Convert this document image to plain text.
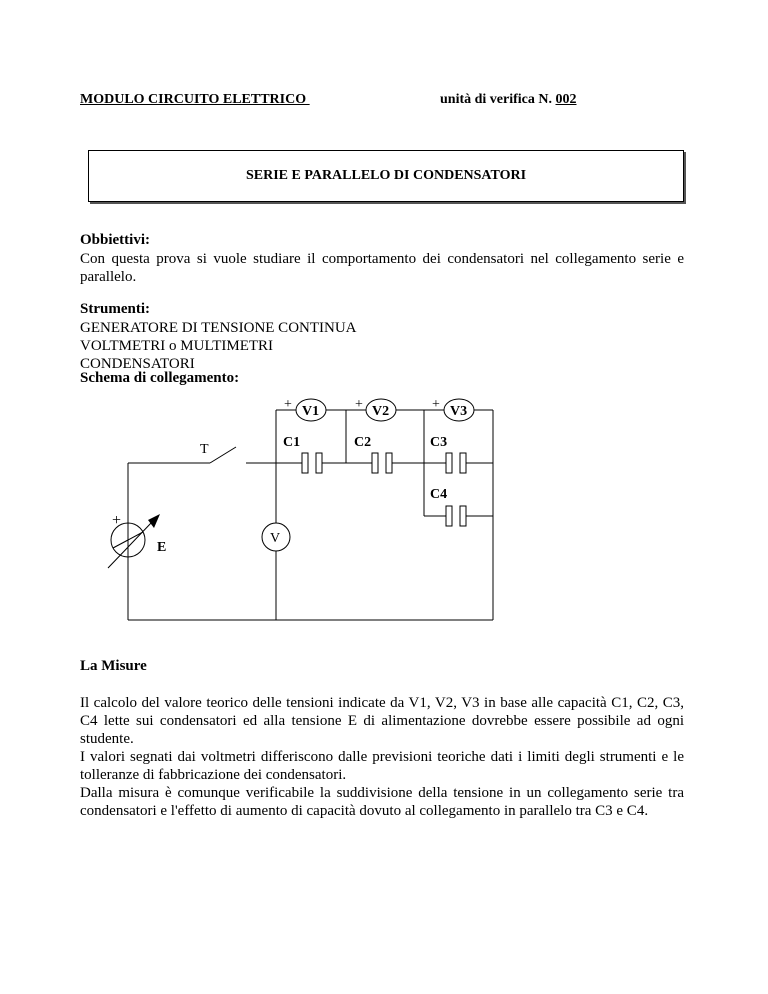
MODULO CIRCUITO ELETTRICO	unità di verifica N. 002
SERIE E PARALLELO DI CONDENSATORI
Obbiettivi:
Con questa prova si vuole studiare il comportamento dei condensatori nel collegamento serie e parallelo.
Strumenti:
GENERATORE DI TENSIONE CONTINUA
VOLTMETRI o MULTIMETRI
CONDENSATORI
Schema di collegamento:
V1	V2	V3
C1	C2	C3
C4
V
E
T
+	+	+
+
La Misure
Il calcolo del valore teorico delle tensioni indicate da V1, V2, V3 in base alle capacità C1, C2, C3, C4 lette sui condensatori ed alla tensione E di alimentazione dovrebbe essere possibile ad ogni studente.
I valori segnati dai voltmetri differiscono dalle previsioni teoriche dati i limiti degli strumenti e le tolleranze di fabbricazione dei condensatori.
Dalla misura è comunque verificabile la suddivisione della tensione in un collegamento serie tra condensatori e l'effetto di aumento di capacità dovuto al collegamento in parallelo tra C3 e C4.
